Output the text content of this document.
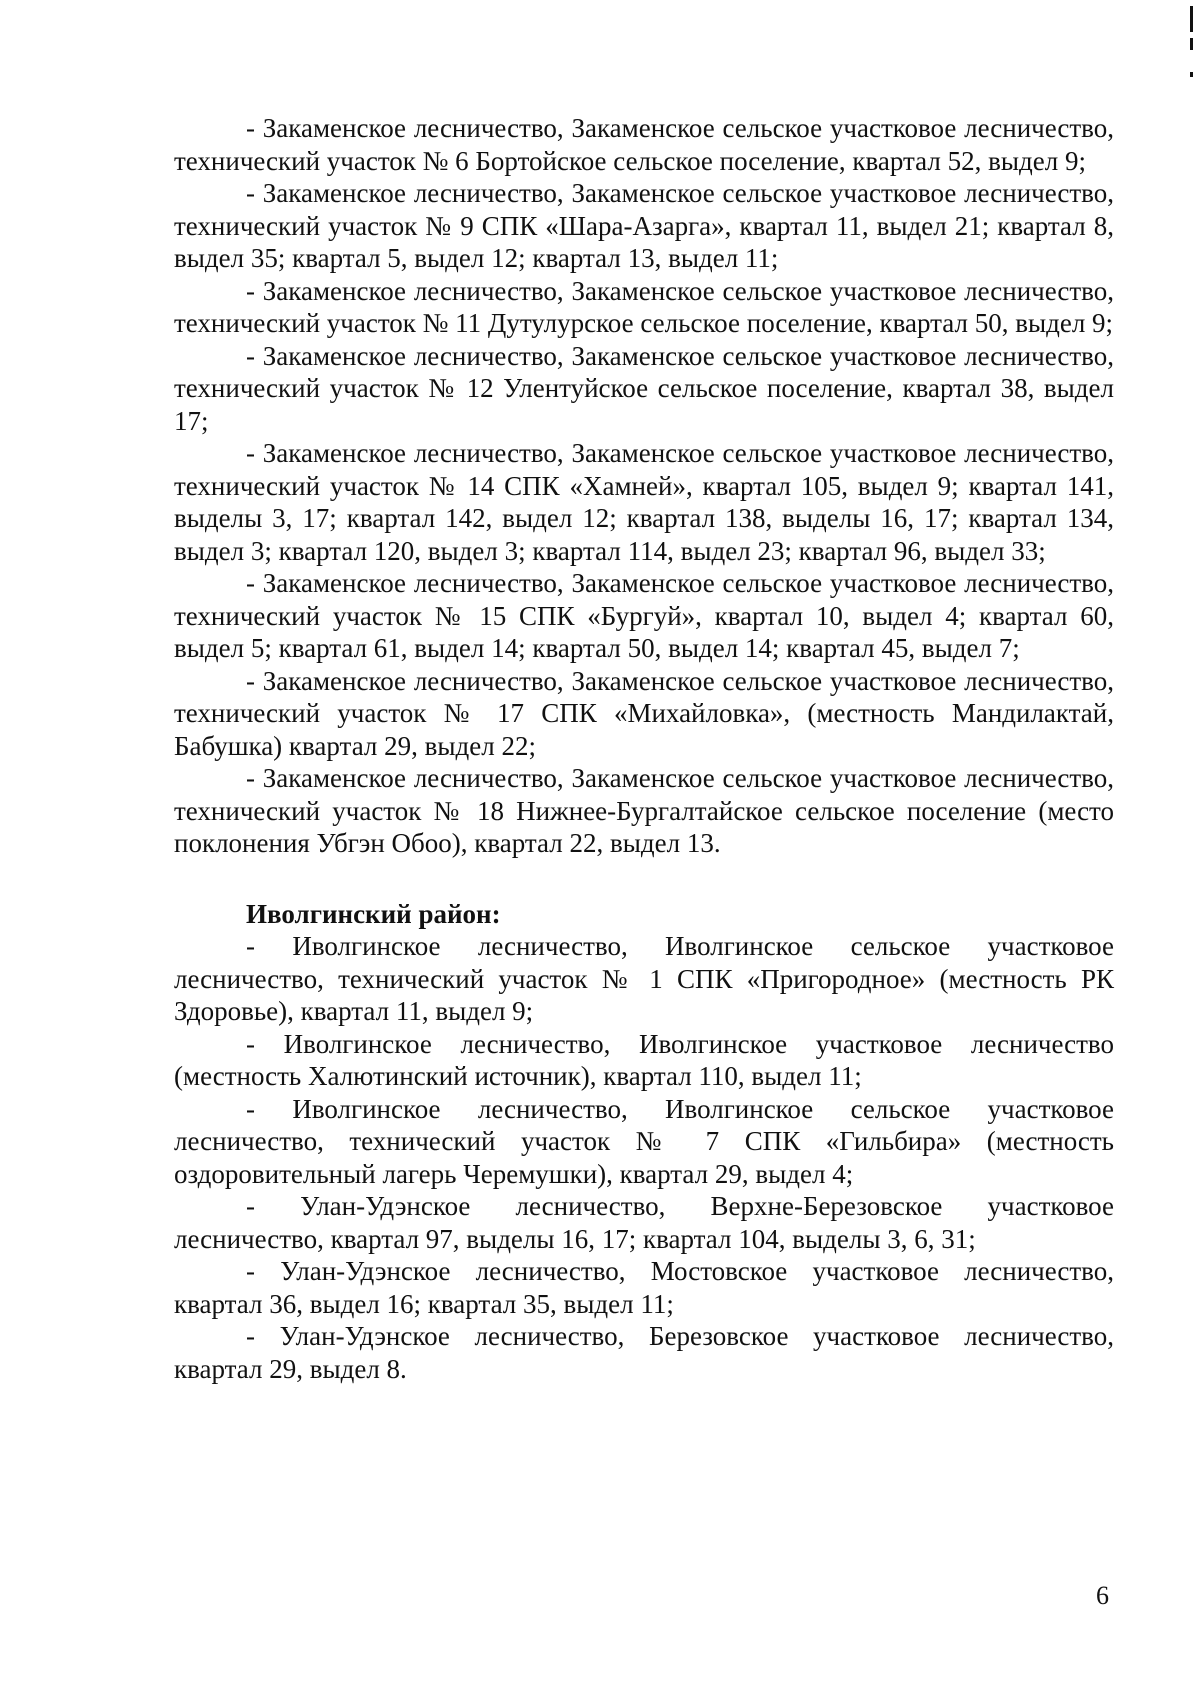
- Закаменское лесничество, Закаменское сельское участковое лесничество, технический участок № 6 Бортойское сельское поселение, квартал 52, выдел 9;

- Закаменское лесничество, Закаменское сельское участковое лесничество, технический участок № 9 СПК «Шара-Азарга», квартал 11, выдел 21; квартал 8, выдел 35; квартал 5, выдел 12; квартал 13, выдел 11;

- Закаменское лесничество, Закаменское сельское участковое лесничество, технический участок № 11 Дутулурское сельское поселение, квартал 50, выдел 9;

- Закаменское лесничество, Закаменское сельское участковое лесничество, технический участок № 12 Улентуйское сельское поселение, квартал 38, выдел 17;

- Закаменское лесничество, Закаменское сельское участковое лесничество, технический участок № 14 СПК «Хамней», квартал 105, выдел 9; квартал 141, выделы 3, 17; квартал 142, выдел 12; квартал 138, выделы 16, 17; квартал 134, выдел 3; квартал 120, выдел 3; квартал 114, выдел 23; квартал 96, выдел 33;

- Закаменское лесничество, Закаменское сельское участковое лесничество, технический участок № 15 СПК «Бургуй», квартал 10, выдел 4; квартал 60, выдел 5; квартал 61, выдел 14; квартал 50, выдел 14; квартал 45, выдел 7;

- Закаменское лесничество, Закаменское сельское участковое лесничество, технический участок № 17 СПК «Михайловка», (местность Мандилактай, Бабушка) квартал 29, выдел 22;

- Закаменское лесничество, Закаменское сельское участковое лесничество, технический участок № 18 Нижнее-Бургалтайское сельское поселение (место поклонения Убгэн Обоо), квартал 22, выдел 13.

Иволгинский район:

- Иволгинское лесничество, Иволгинское сельское участковое лесничество, технический участок № 1 СПК «Пригородное» (местность РК Здоровье), квартал 11, выдел 9;

- Иволгинское лесничество, Иволгинское участковое лесничество (местность Халютинский источник), квартал 110, выдел 11;

- Иволгинское лесничество, Иволгинское сельское участковое лесничество, технический участок № 7 СПК «Гильбира» (местность оздоровительный лагерь Черемушки), квартал 29, выдел 4;

- Улан-Удэнское лесничество, Верхне-Березовское участковое лесничество, квартал 97, выделы 16, 17; квартал 104, выделы 3, 6, 31;

- Улан-Удэнское лесничество, Мостовское участковое лесничество, квартал 36, выдел 16; квартал 35, выдел 11;

- Улан-Удэнское лесничество, Березовское участковое лесничество, квартал 29, выдел 8.

6
